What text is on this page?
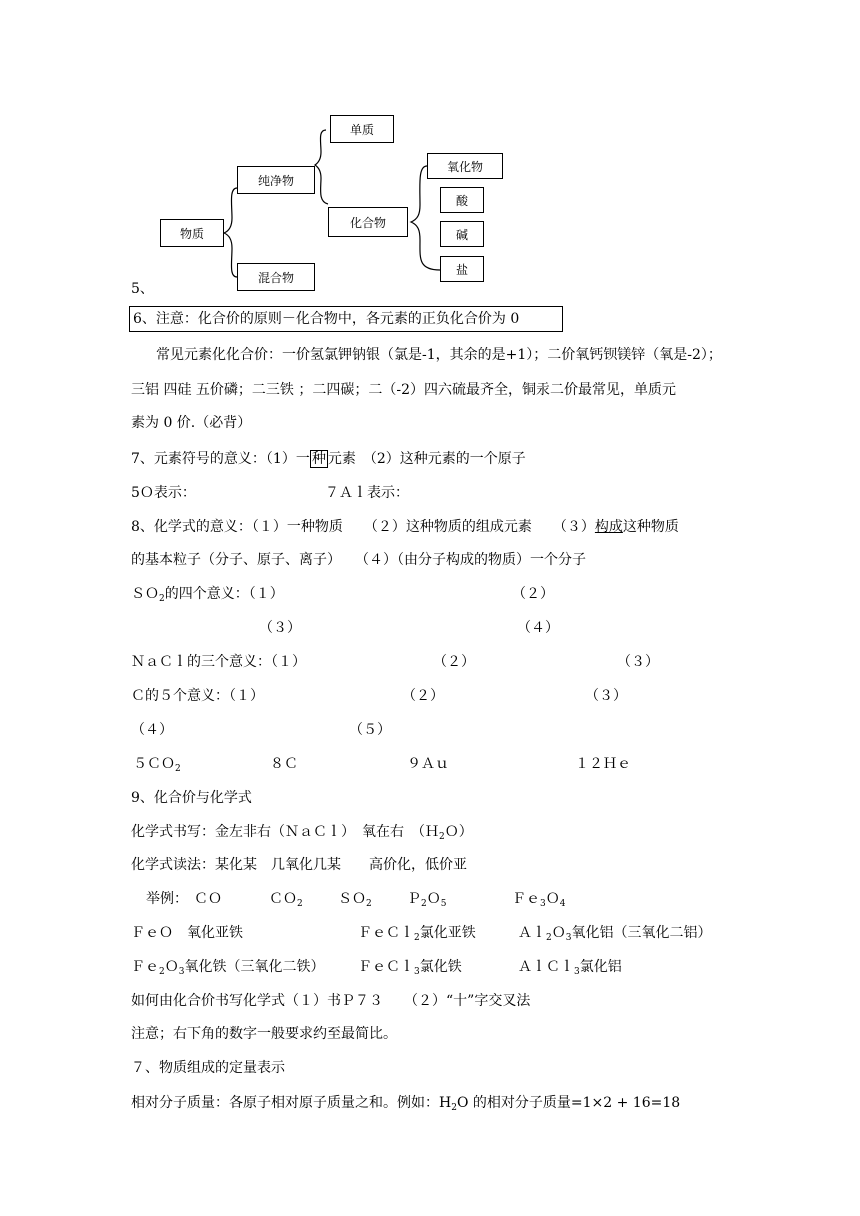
物质
纯净物
混合物
单质
化合物
氧化物
酸
碱
盐
5、
6、注意：化合价的原则－化合物中，各元素的正负化合价为 0
常见元素化化合价：一价氢氯钾钠银（氯是-1，其余的是+1）；二价氧钙钡镁锌（氧是-2）；
三铝 四硅 五价磷；二三铁 ；二四碳；二（-2）四六硫最齐全，铜汞二价最常见，单质元
素为 0 价.（必背）
7、元素符号的意义：（1）一 种 元素　（2）这种元素的一个原子
5Ｏ表示：	７Ａｌ表示：
8、化学式的意义：（１）一种物质　　（２）这种物质的组成元素　　（３）构成这种物质
的基本粒子（分子、原子、离子）　　（４）（由分子构成的物质）一个分子
ＳＯ$_2$的四个意义：（１）	（２）
（３）	（４）
ＮａＣｌ的三个意义：（１）	（２）	（３）
Ｃ的５个意义：（１）	（２）	（３）
（４）	（５）
５ＣＯ$_2$	８Ｃ	９Ａｕ	１２Ｈｅ
9、化合价与化学式
化学式书写：金左非右（ＮａＣｌ）　氧在右　（Ｈ$_2$Ｏ）
化学式读法：某化某　几氧化几某　　高价化，低价亚
举例： ＣＯ	ＣＯ$_2$	ＳＯ$_2$	Ｐ$_2$Ｏ$_5$	Ｆｅ$_3$Ｏ$_4$
ＦｅＯ　氧化亚铁	ＦｅＣｌ$_2$氯化亚铁	Ａｌ$_2$Ｏ$_3$氧化铝（三氧化二铝）
Ｆｅ$_2$Ｏ$_3$氧化铁（三氧化二铁） ＦｅＣｌ$_3$氯化铁	ＡｌＣｌ$_3$氯化铝
如何由化合价书写化学式（１）书Ｐ７３　　（２）“十”字交叉法
注意；右下角的数字一般要求约至最简比。
７、物质组成的定量表示
相对分子质量：各原子相对原子质量之和。例如：$H_2O$ 的相对分子质量=1×2 + 16=18
